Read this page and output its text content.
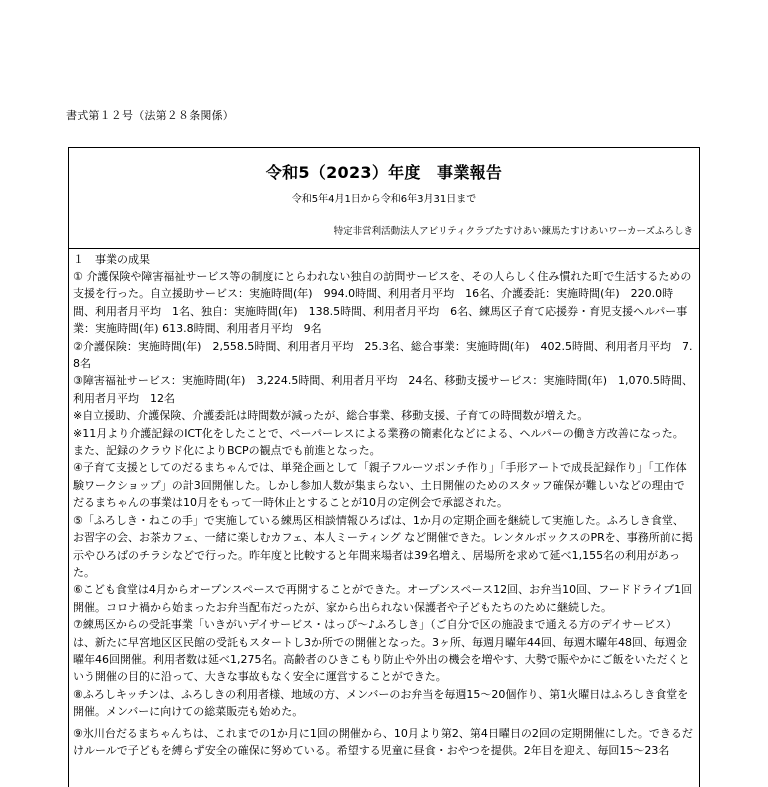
書式第１２号（法第２８条関係）
令和5（2023）年度　事業報告
令和5年4月1日から令和6年3月31日まで
特定非営利活動法人アビリティクラブたすけあい練馬たすけあいワーカーズふろしき

１　事業の成果

① 介護保険や障害福祉サービス等の制度にとらわれない独自の訪問サービスを、その人らしく住み慣れた町で生活するための支援を行った。自立援助サービス：実施時間(年)　994.0時間、利用者月平均　16名、介護委託：実施時間(年)　220.0時間、利用者月平均　1名、独自：実施時間(年)　138.5時間、利用者月平均　6名、練馬区子育て応援券・育児支援ヘルパー事業：実施時間(年) 613.8時間、利用者月平均　9名

②介護保険：実施時間(年)　2,558.5時間、利用者月平均　25.3名、総合事業：実施時間(年)　402.5時間、利用者月平均　7.8名

③障害福祉サービス：実施時間(年)　3,224.5時間、利用者月平均　24名、移動支援サービス：実施時間(年)　1,070.5時間、利用者月平均　12名

※自立援助、介護保険、介護委託は時間数が減ったが、総合事業、移動支援、子育ての時間数が増えた。

※11月より介護記録のICT化をしたことで、ペーパーレスによる業務の簡素化などによる、ヘルパーの働き方改善になった。また、記録のクラウド化によりBCPの観点でも前進となった。

④子育て支援としてのだるまちゃんでは、単発企画として「親子フルーツポンチ作り」「手形アートで成長記録作り」「工作体験ワークショップ」の計3回開催した。しかし参加人数が集まらない、土日開催のためのスタッフ確保が難しいなどの理由でだるまちゃんの事業は10月をもって一時休止とすることが10月の定例会で承認された。

⑤「ふろしき・ねこの手」で実施している練馬区相談情報ひろばは、1か月の定期企画を継続して実施した。ふろしき食堂、お習字の会、お茶カフェ、一緒に楽しむカフェ、本人ミーティング など開催できた。レンタルボックスのPRを、事務所前に掲示やひろばのチラシなどで行った。昨年度と比較すると年間来場者は39名増え、居場所を求めて延べ1,155名の利用があった。

⑥こども食堂は4月からオープンスペースで再開することができた。オープンスペース12回、お弁当10回、フードドライブ1回開催。コロナ禍から始まったお弁当配布だったが、家から出られない保護者や子どもたちのために継続した。

⑦練馬区からの受託事業「いきがいデイサービス・はっぴ～♪ふろしき」（ご自分で区の施設まで通える方のデイサービス）は、新たに早宮地区区民館の受託もスタートし3か所での開催となった。3ヶ所、毎週月曜年44回、毎週木曜年48回、毎週金曜年46回開催。利用者数は延べ1,275名。高齢者のひきこもり防止や外出の機会を増やす、大勢で賑やかにご飯をいただくという開催の目的に沿って、大きな事故もなく安全に運営することができた。

⑧ふろしキッチンは、ふろしきの利用者様、地域の方、メンバーのお弁当を毎週15～20個作り、第1火曜日はふろしき食堂を開催。メンバーに向けての総菜販売も始めた。

⑨氷川台だるまちゃんちは、これまでの1か月に1回の開催から、10月より第2、第4日曜日の2回の定期開催にした。できるだけルールで子どもを縛らず安全の確保に努めている。希望する児童に昼食・おやつを提供。2年目を迎え、毎回15～23名
